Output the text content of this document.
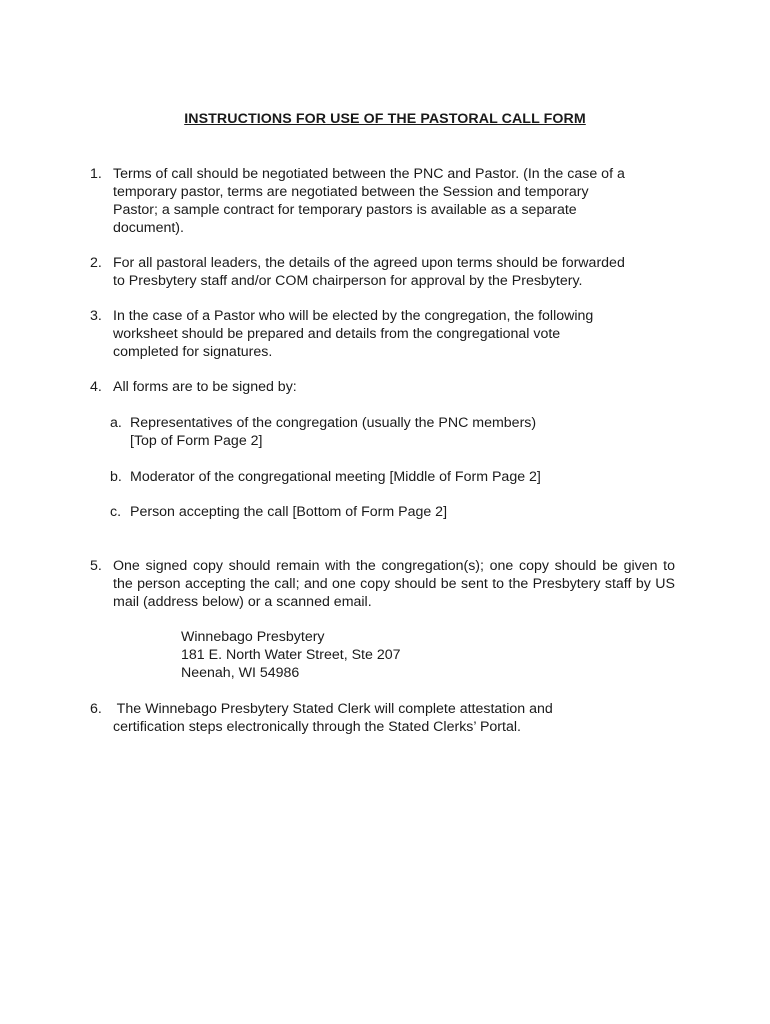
INSTRUCTIONS FOR USE OF THE PASTORAL CALL FORM
1. Terms of call should be negotiated between the PNC and Pastor. (In the case of a
temporary pastor, terms are negotiated between the Session and temporary
Pastor; a sample contract for temporary pastors is available as a separate
document).
2. For all pastoral leaders, the details of the agreed upon terms should be forwarded
to Presbytery staff and/or COM chairperson for approval by the Presbytery.
3. In the case of a Pastor who will be elected by the congregation, the following
worksheet should be prepared and details from the congregational vote
completed for signatures.
4. All forms are to be signed by:
a. Representatives of the congregation (usually the PNC members)
[Top of Form Page 2]
b. Moderator of the congregational meeting [Middle of Form Page 2]
c. Person accepting the call [Bottom of Form Page 2]
5. One signed copy should remain with the congregation(s); one copy should be given to the person accepting the call; and one copy should be sent to the Presbytery staff by US mail (address below) or a scanned email.
Winnebago Presbytery
181 E. North Water Street, Ste 207
Neenah, WI 54986
6. The Winnebago Presbytery Stated Clerk will complete attestation and
certification steps electronically through the Stated Clerks’ Portal.
